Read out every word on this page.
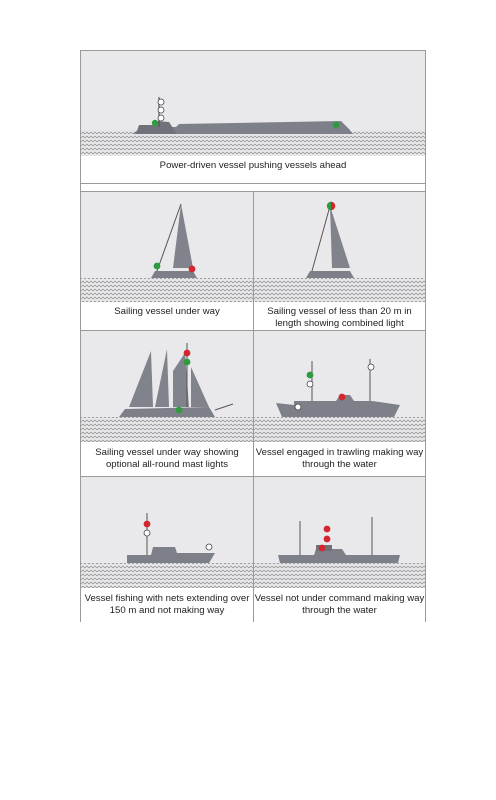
Power-driven vessel pushing vessels ahead
Sailing vessel under way	Sailing vessel of less than 20 m in length showing combined light
Sailing vessel under way showing optional all-round mast lights
Vessel engaged in trawling making way through the water
Vessel fishing with nets extending over 150 m and not making way
Vessel not under command making way through the water
